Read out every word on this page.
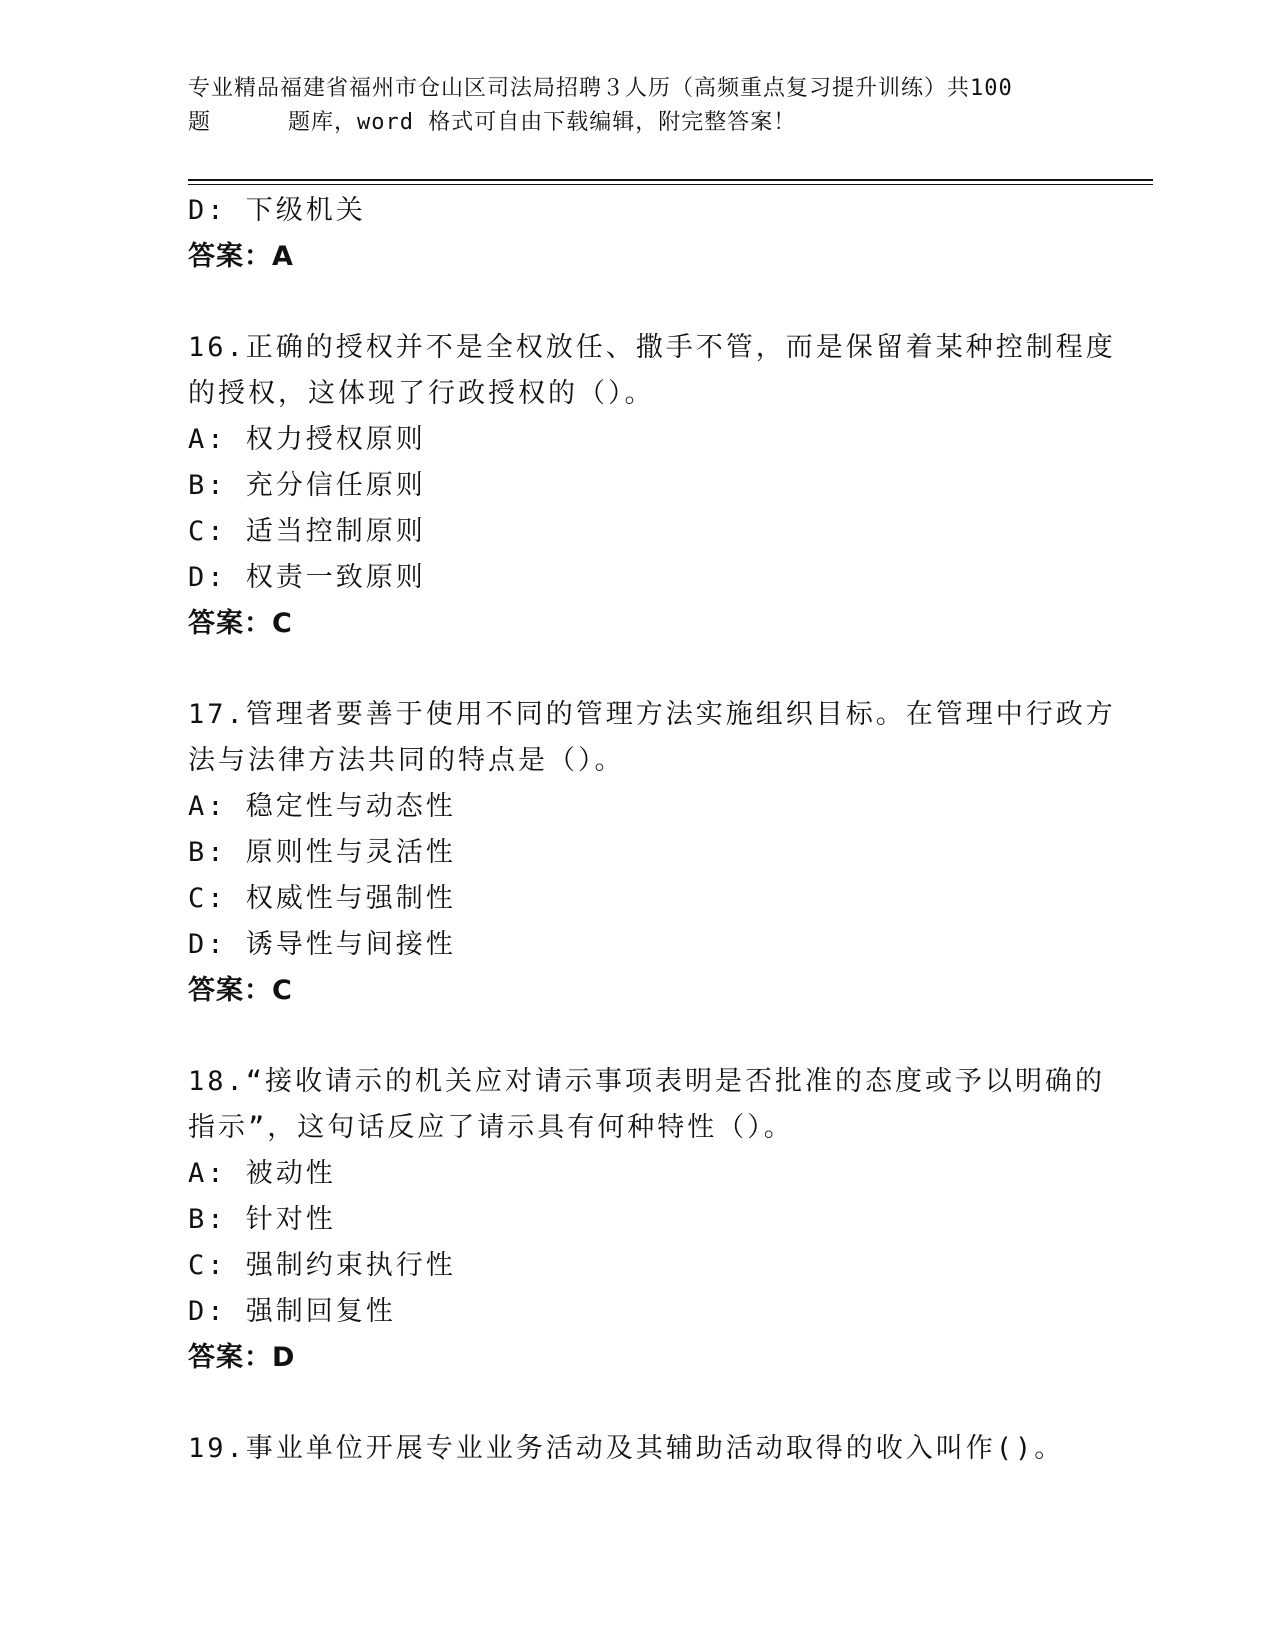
专业精品福建省福州市仓山区司法局招聘３人历（高频重点复习提升训练）共100
题	题库，word 格式可自由下载编辑，附完整答案！
D: 下级机关
答案：A
16.正确的授权并不是全权放任、撒手不管，而是保留着某种控制程度
的授权，这体现了行政授权的（）。
A: 权力授权原则
B: 充分信任原则
C: 适当控制原则
D: 权责一致原则
答案：C
17.管理者要善于使用不同的管理方法实施组织目标。在管理中行政方
法与法律方法共同的特点是（）。
A: 稳定性与动态性
B: 原则性与灵活性
C: 权威性与强制性
D: 诱导性与间接性
答案：C
18.“接收请示的机关应对请示事项表明是否批准的态度或予以明确的
指示”，这句话反应了请示具有何种特性（）。
A: 被动性
B: 针对性
C: 强制约束执行性
D: 强制回复性
答案：D
19.事业单位开展专业业务活动及其辅助活动取得的收入叫作()。
